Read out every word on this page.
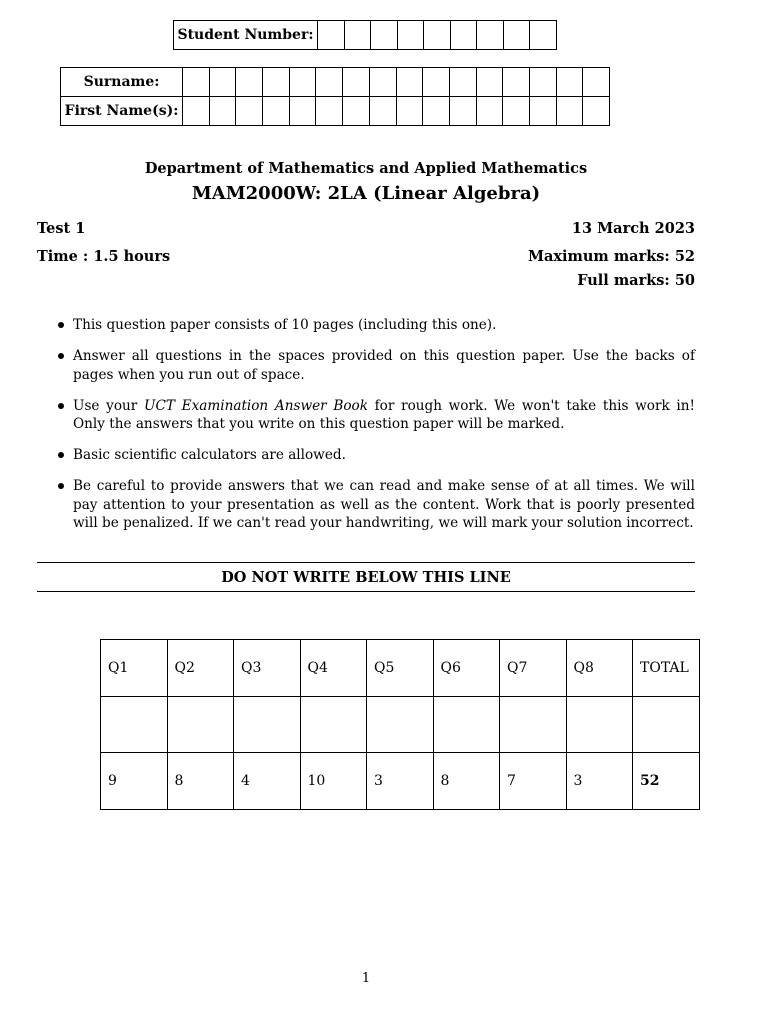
Student Number:									
Surname:																
First Name(s):																
Department of Mathematics and Applied Mathematics
MAM2000W: 2LA (Linear Algebra)
Test 1	13 March 2023
Time : 1.5 hours	Maximum marks: 52
Full marks: 50
This question paper consists of 10 pages (including this one).
Answer all questions in the spaces provided on this question paper. Use the backs of pages when you run out of space.
Use your UCT Examination Answer Book for rough work. We won't take this work in! Only the answers that you write on this question paper will be marked.
Basic scientific calculators are allowed.
Be careful to provide answers that we can read and make sense of at all times. We will pay attention to your presentation as well as the content. Work that is poorly presented will be penalized. If we can't read your handwriting, we will mark your solution incorrect.
DO NOT WRITE BELOW THIS LINE
Q1	Q2	Q3	Q4	Q5	Q6	Q7	Q8	TOTAL

9	8	4	10	3	8	7	3	52
1
